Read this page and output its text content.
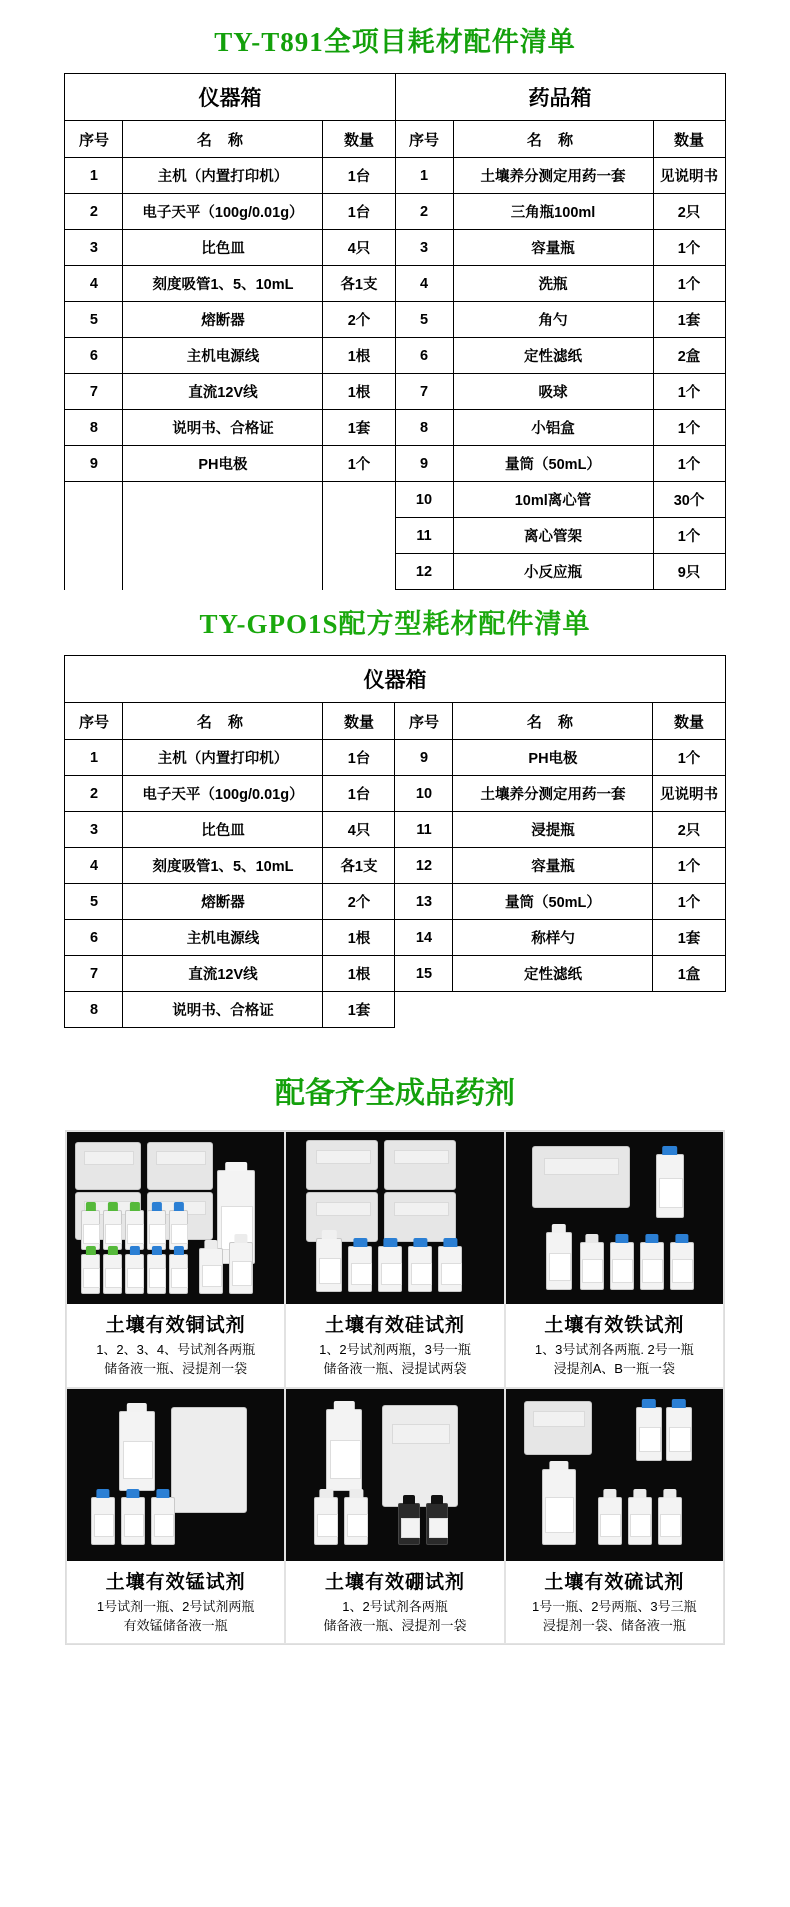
TY-T891全项目耗材配件清单
仪器箱			药品箱		
序号	名 称	数量	序号	名 称	数量
1	主机（内置打印机）	1台	1	土壤养分测定用药一套	见说明书
2	电子天平（100g/0.01g）	1台	2	三角瓶100ml	2只
3	比色皿	4只	3	容量瓶	1个
4	刻度吸管1、5、10mL	各1支	4	洗瓶	1个
5	熔断器	2个	5	角勺	1套
6	主机电源线	1根	6	定性滤纸	2盒
7	直流12V线	1根	7	吸球	1个
8	说明书、合格证	1套	8	小铝盒	1个
9	PH电极	1个	9	量筒（50mL）	1个
			10	10ml离心管	30个
			11	离心管架	1个
			12	小反应瓶	9只
TY-GPO1S配方型耗材配件清单
仪器箱					
序号	名 称	数量	序号	名 称	数量
1	主机（内置打印机）	1台	9	PH电极	1个
2	电子天平（100g/0.01g）	1台	10	土壤养分测定用药一套	见说明书
3	比色皿	4只	11	浸提瓶	2只
4	刻度吸管1、5、10mL	各1支	12	容量瓶	1个
5	熔断器	2个	13	量筒（50mL）	1个
6	主机电源线	1根	14	称样勺	1套
7	直流12V线	1根	15	定性滤纸	1盒
8	说明书、合格证	1套			
配备齐全成品药剂
土壤有效铜试剂
1、2、3、4、号试剂各两瓶
储备液一瓶、浸提剂一袋
土壤有效硅试剂
1、2号试剂两瓶，3号一瓶
储备液一瓶、浸提试两袋
土壤有效铁试剂
1、3号试剂各两瓶. 2号一瓶
浸提剂A、B一瓶一袋
土壤有效锰试剂
1号试剂一瓶、2号试剂两瓶
有效锰储备液一瓶
土壤有效硼试剂
1、2号试剂各两瓶
储备液一瓶、浸提剂一袋
土壤有效硫试剂
1号一瓶、2号两瓶、3号三瓶
浸提剂一袋、储备液一瓶
